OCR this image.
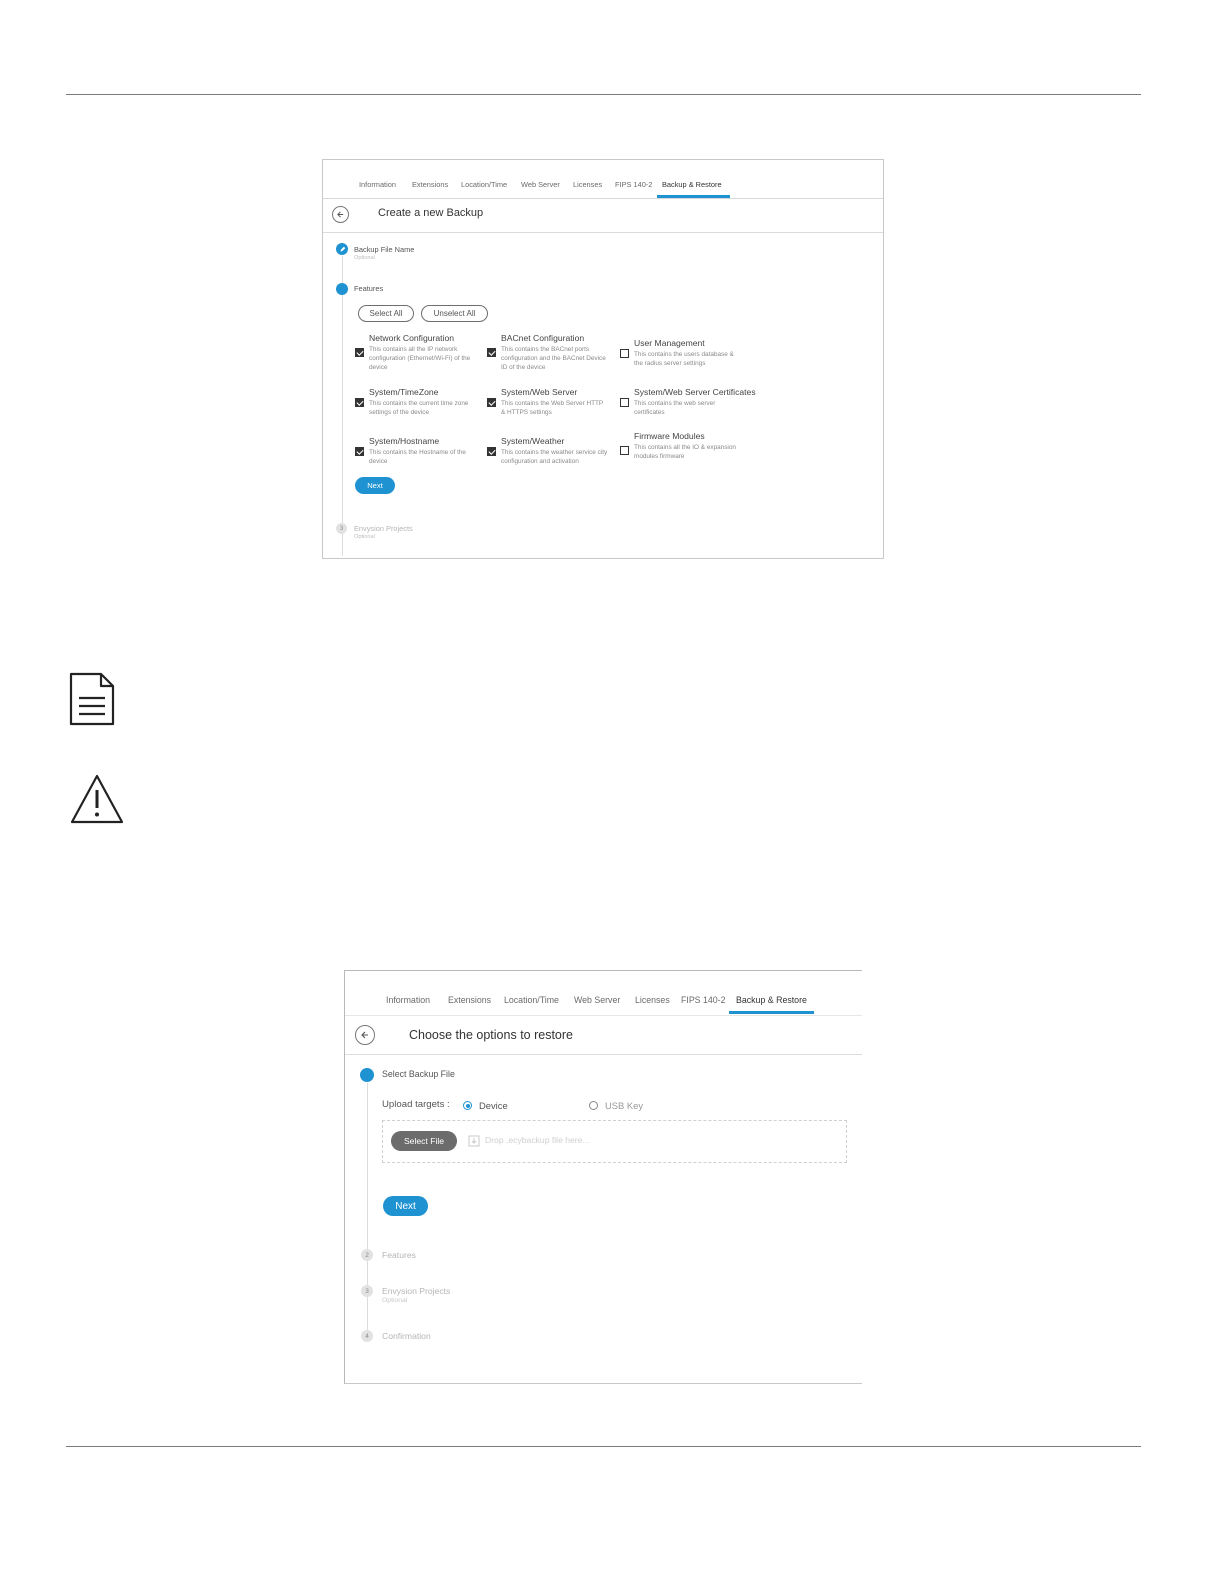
Information Extensions Location/Time Web Server Licenses FIPS 140-2 Backup & Restore
Create a new Backup
Backup File Name
Optional
Features
Select All	Unselect All
Network Configuration
This contains all the IP network configuration (Ethernet/Wi-Fi) of the device
BACnet Configuration
This contains the BACnet ports configuration and the BACnet Device ID of the device
User Management
This contains the users database & the radius server settings
System/TimeZone
This contains the current time zone settings of the device
System/Web Server
This contains the Web Server HTTP & HTTPS settings
System/Web Server Certificates
This contains the web server certificates
System/Hostname
This contains the Hostname of the device
System/Weather
This contains the weather service city configuration and activation
Firmware Modules
This contains all the IO & expansion modules firmware
Next
3	Envysion Projects
Optional
Information Extensions Location/Time Web Server Licenses FIPS 140-2 Backup & Restore
Choose the options to restore
Select Backup File
Upload targets :	Device	USB Key
Select File	Drop .ecybackup file here...
Next
2	Features
3	Envysion Projects
Optional
4	Confirmation
